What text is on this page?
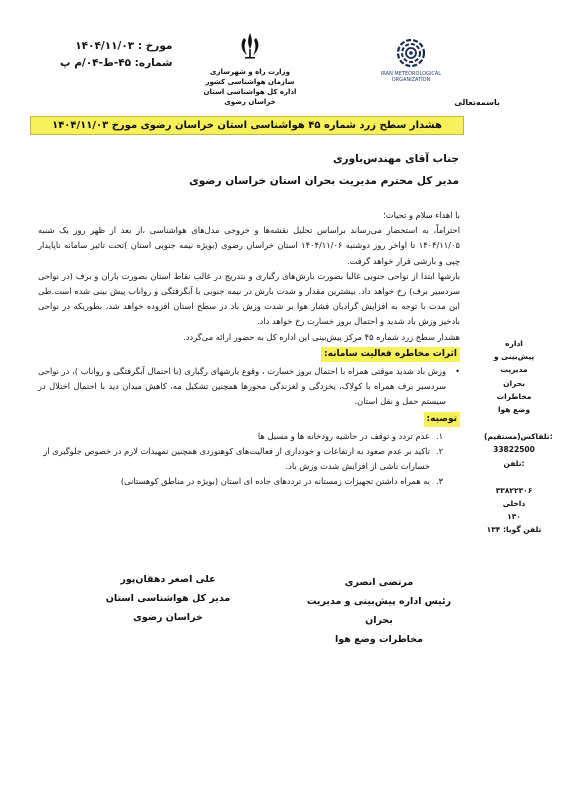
مورخ : ۱۴۰۴/۱۱/۰۳
شماره: ۴۵-ط-۰۴/م پ
وزارت راه و شهرسازی
سازمان هواشناسی کشور
اداره کل هواشناسی استان خراسان رضوی
IRAN METEOROLOGICAL ORGANIZATION
باسمه‌تعالی
هشدار سطح زرد شماره ۴۵ هواشناسی استان خراسان رضوی مورخ ۱۴۰۴/۱۱/۰۳
جناب آقای مهندس‌باوری
مدیر کل محترم مدیریت بحران استان خراسان رضوی

با اهداء سلام و تحیات؛

احتراماً، به استحضار می‌رساند براساس تحلیل نقشه‌ها و خروجی مدل‌های هواشناسی ،از بعد از ظهر روز یک شنبه ۱۴۰۴/۱۱/۰۵ تا اواخر روز دوشنبه ۱۴۰۴/۱۱/۰۶ استان خراسان رضوی (بویژه نیمه جنوبی استان )تحت تاثیر سامانه ناپایدار چپی و بارشی قرار خواهد گرفت.

بارشها ابتدا از نواحی جنوبی غالبا بصورت بارش‌های رگباری و بتدریج در غالب نقاط استان بصورت باران و برف (در نواحی سردسیر برف) رخ خواهد داد. بیشترین مقدار و شدت بارش در نیمه جنوبی با آبگرفتگی و رواناب پیش بینی شده است.طی این مدت با توجه به افزایش گرادیان فشار هوا بر شدت وزش باد در سطح استان افزوده خواهد شد، بطوریکه در نواحی بادخیز وزش باد شدید و احتمال بروز خسارت رخ خواهد داد.

هشدار سطح زرد شماره ۴۵ مرکز پیش‌بینی این اداره کل به حضور ارائه می‌گردد.

اثرات مخاطره فعالیت سامانه:

• وزش باد شدید موقتی همراه با احتمال بروز خسارت ، وقوع بارشهای رگباری (با احتمال آبگرفتگی و رواناب )، در نواحی سردسیر برف همراه با کولاک، یخزدگی و لغزندگی محورها همچنین تشکیل مه، کاهش میدان دید با احتمال اختلال در سیستم حمل و نقل استان.

توصیه:
۱.
عدم تردد و توقف در حاشیه رودخانه ها و مسیل ها
۲.
تاکید بر عدم صعود به ارتفاعات و خودداری از فعالیت‌های کوهنوردی همچنین تمهیدات لازم در خصوص جلوگیری از خسارات ناشی از افزایش شدت وزش باد.
۳.
به همراه داشتن تجهیزات زمستانه در ترددهای جاده ای استان (بویژه در مناطق کوهستانی)
اداره
پیش‌بینی و
مدیریت
بحران
مخاطرات
وضع هوا
تلفاکس(مستقیم):
33822500
تلفن:
۳۳۸۲۲۳۰۶
داخلی
۱۳۰
تلفن گویا: ۱۳۴
مرتضی انصری
رئیس اداره پیش‌بینی و مدیریت بحران
مخاطرات وضع هوا
علی اصغر دهقان‌پور
مدیر کل هواشناسی استان خراسان رضوی
